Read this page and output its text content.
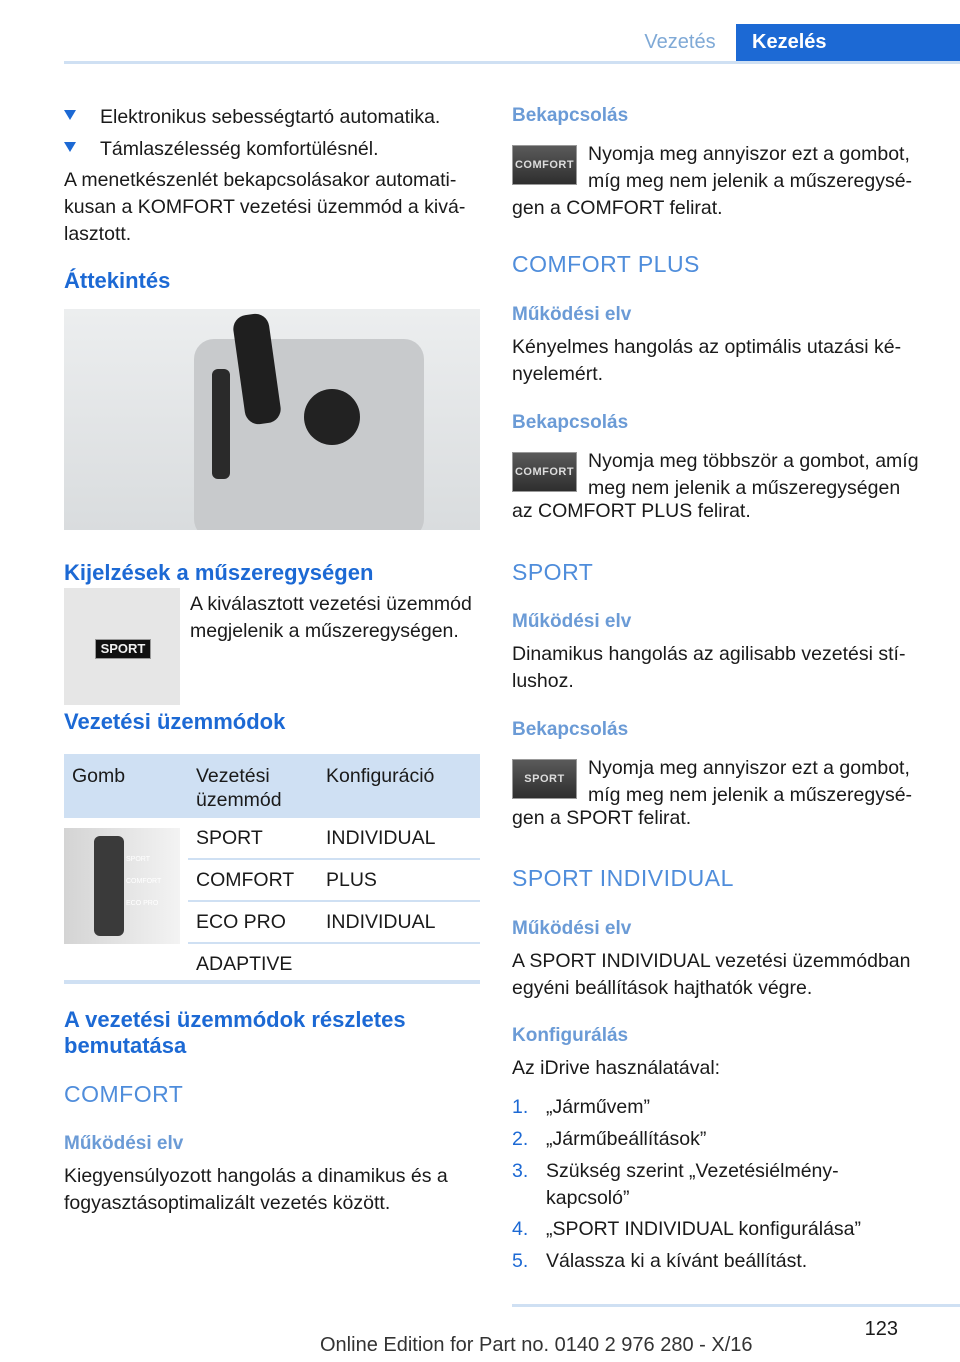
Vezetés	Kezelés
Elektronikus sebességtartó automatika.
Támlaszélesség komfortülésnél.
A menetkészenlét bekapcsolásakor automati-
kusan a KOMFORT vezetési üzemmód a kivá-
lasztott.
Áttekintés
Kijelzések a műszeregységen
SPORT
A kiválasztott vezetési üzemmód
megjelenik a műszeregységen.
Vezetési üzemmódok
Gomb	Vezetési üzemmód	Konfiguráció

SPORT
COMFORT
ECO PRO	SPORT	INDIVIDUAL
	COMFORT	PLUS
	ECO PRO	INDIVIDUAL
	ADAPTIVE	
A vezetési üzemmódok részletes
bemutatása
COMFORT
Működési elv
Kiegyensúlyozott hangolás a dinamikus és a
fogyasztásoptimalizált vezetés között.
Bekapcsolás
COMFORT Nyomja meg annyiszor ezt a gombot,
míg meg nem jelenik a műszeregysé-
gen a COMFORT felirat.
COMFORT PLUS
Működési elv
Kényelmes hangolás az optimális utazási ké-
nyelemért.
Bekapcsolás
COMFORT Nyomja meg többször a gombot, amíg
meg nem jelenik a műszeregységen
az COMFORT PLUS felirat.
SPORT
Működési elv
Dinamikus hangolás az agilisabb vezetési stí-
lushoz.
Bekapcsolás
SPORT	Nyomja meg annyiszor ezt a gombot,
míg meg nem jelenik a műszeregysé-
gen a SPORT felirat.
SPORT INDIVIDUAL
Működési elv
A SPORT INDIVIDUAL vezetési üzemmódban
egyéni beállítások hajthatók végre.
Konfigurálás
Az iDrive használatával:
1. „Járművem”
2. „Járműbeállítások”
3. Szükség szerint „Vezetésiélmény-
kapcsoló”
4. „SPORT INDIVIDUAL konfigurálása”
5. Válassza ki a kívánt beállítást.
123
Online Edition for Part no. 0140 2 976 280 - X/16
